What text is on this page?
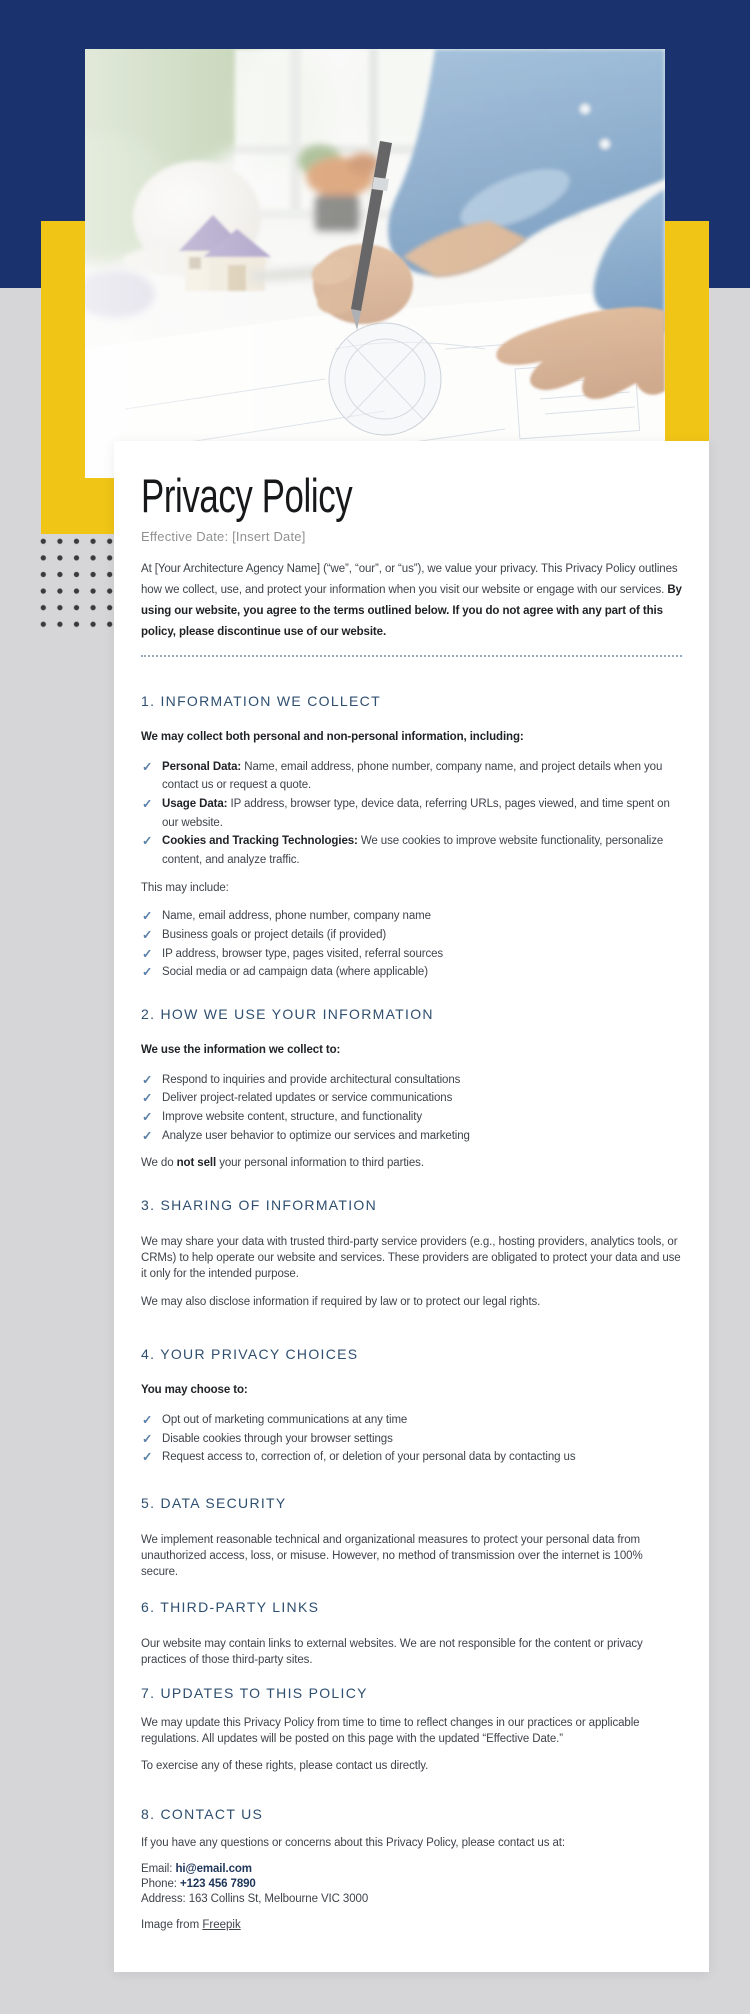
Privacy Policy
Effective Date: [Insert Date]

At [Your Architecture Agency Name] (“we”, “our”, or “us”), we value your privacy. This Privacy Policy outlines how we collect, use, and protect your information when you visit our website or engage with our services. By using our website, you agree to the terms outlined below. If you do not agree with any part of this policy, please discontinue use of our website.

1. INFORMATION WE COLLECT

We may collect both personal and non-personal information, including:

✓ Personal Data: Name, email address, phone number, company name, and project details when you contact us or request a quote.
✓ Usage Data: IP address, browser type, device data, referring URLs, pages viewed, and time spent on our website.
✓ Cookies and Tracking Technologies: We use cookies to improve website functionality, personalize content, and analyze traffic.

This may include:

✓ Name, email address, phone number, company name
✓ Business goals or project details (if provided)
✓ IP address, browser type, pages visited, referral sources
✓ Social media or ad campaign data (where applicable)
2. HOW WE USE YOUR INFORMATION

We use the information we collect to:

✓ Respond to inquiries and provide architectural consultations
✓ Deliver project-related updates or service communications
✓ Improve website content, structure, and functionality
✓ Analyze user behavior to optimize our services and marketing

We do not sell your personal information to third parties.

3. SHARING OF INFORMATION

We may share your data with trusted third-party service providers (e.g., hosting providers, analytics tools, or CRMs) to help operate our website and services. These providers are obligated to protect your data and use it only for the intended purpose.

We may also disclose information if required by law or to protect our legal rights.

4. YOUR PRIVACY CHOICES

You may choose to:

✓ Opt out of marketing communications at any time
✓ Disable cookies through your browser settings
✓ Request access to, correction of, or deletion of your personal data by contacting us
5. DATA SECURITY

We implement reasonable technical and organizational measures to protect your personal data from unauthorized access, loss, or misuse. However, no method of transmission over the internet is 100% secure.

6. THIRD-PARTY LINKS

Our website may contain links to external websites. We are not responsible for the content or privacy practices of those third-party sites.

7. UPDATES TO THIS POLICY

We may update this Privacy Policy from time to time to reflect changes in our practices or applicable regulations. All updates will be posted on this page with the updated “Effective Date.”

To exercise any of these rights, please contact us directly.

8. CONTACT US

If you have any questions or concerns about this Privacy Policy, please contact us at:

Email: hi@email.com
Phone: +123 456 7890
Address: 163 Collins St, Melbourne VIC 3000
Image from Freepik
